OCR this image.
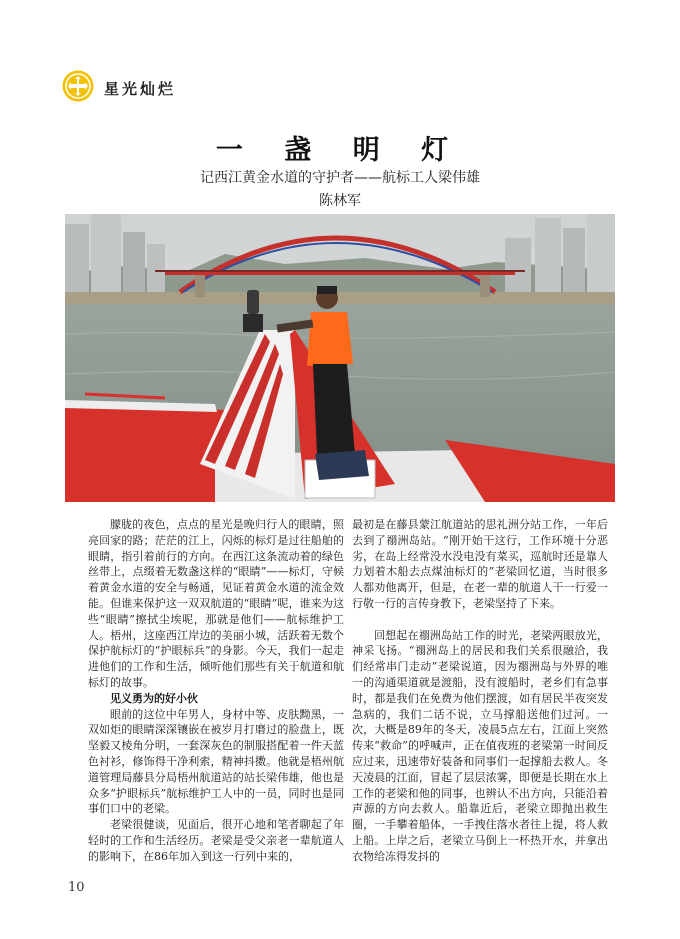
星光灿烂
一 盏 明 灯
记西江黄金水道的守护者——航标工人梁伟雄
陈林军

朦胧的夜色，点点的星光是晚归行人的眼睛，照亮回家的路；茫茫的江上，闪烁的标灯是过往船舶的眼睛，指引着前行的方向。在西江这条流动着的绿色丝带上，点缀着无数盏这样的“眼睛”——标灯，守候着黄金水道的安全与畅通，见证着黄金水道的流金效能。但谁来保护这一双双航道的“眼睛”呢，谁来为这些“眼睛”擦拭尘埃呢，那就是他们——航标维护工人。梧州，这座西江岸边的美丽小城，活跃着无数个保护航标灯的“护眼标兵”的身影。今天，我们一起走进他们的工作和生活，倾听他们那些有关于航道和航标灯的故事。

见义勇为的好小伙

眼前的这位中年男人，身材中等、皮肤黝黑，一双如炬的眼睛深深镶嵌在被岁月打磨过的脸盘上，既坚毅又棱角分明，一套深灰色的制服搭配着一件天蓝色衬衫，修饰得干净利索，精神抖擞。他就是梧州航道管理局藤县分局梧州航道站的站长梁伟雄，他也是众多“护眼标兵”航标维护工人中的一员，同时也是同事们口中的老梁。

老梁很健谈，见面后，很开心地和笔者聊起了年轻时的工作和生活经历。老梁是受父亲老一辈航道人的影响下，在86年加入到这一行列中来的，

最初是在藤县蒙江航道站的思礼洲分站工作，一年后去到了禤洲岛站。“刚开始干这行，工作环境十分恶劣，在岛上经常没水没电没有菜买，巡航时还是靠人力划着木船去点煤油标灯的”老梁回忆道，当时很多人都劝他离开，但是，在老一辈的航道人干一行爱一行敬一行的言传身教下，老梁坚持了下来。

回想起在禤洲岛站工作的时光，老梁两眼放光，神采飞扬。“禤洲岛上的居民和我们关系很融洽，我们经常串门走动”老梁说道，因为禤洲岛与外界的唯一的沟通渠道就是渡船，没有渡船时，老乡们有急事时，都是我们在免费为他们摆渡，如有居民半夜突发急病的，我们二话不说，立马撑船送他们过河。一次，大概是89年的冬天，凌晨5点左右，江面上突然传来“救命”的呼喊声，正在值夜班的老梁第一时间反应过来，迅速带好装备和同事们一起撑船去救人。冬天凌晨的江面，冒起了层层浓雾，即便是长期在水上工作的老梁和他的同事，也辨认不出方向，只能沿着声源的方向去救人。船靠近后，老梁立即抛出救生圈，一手攀着船体，一手拽住落水者往上提，将人救上船。上岸之后，老梁立马倒上一杯热开水，并拿出衣物给冻得发抖的

10
